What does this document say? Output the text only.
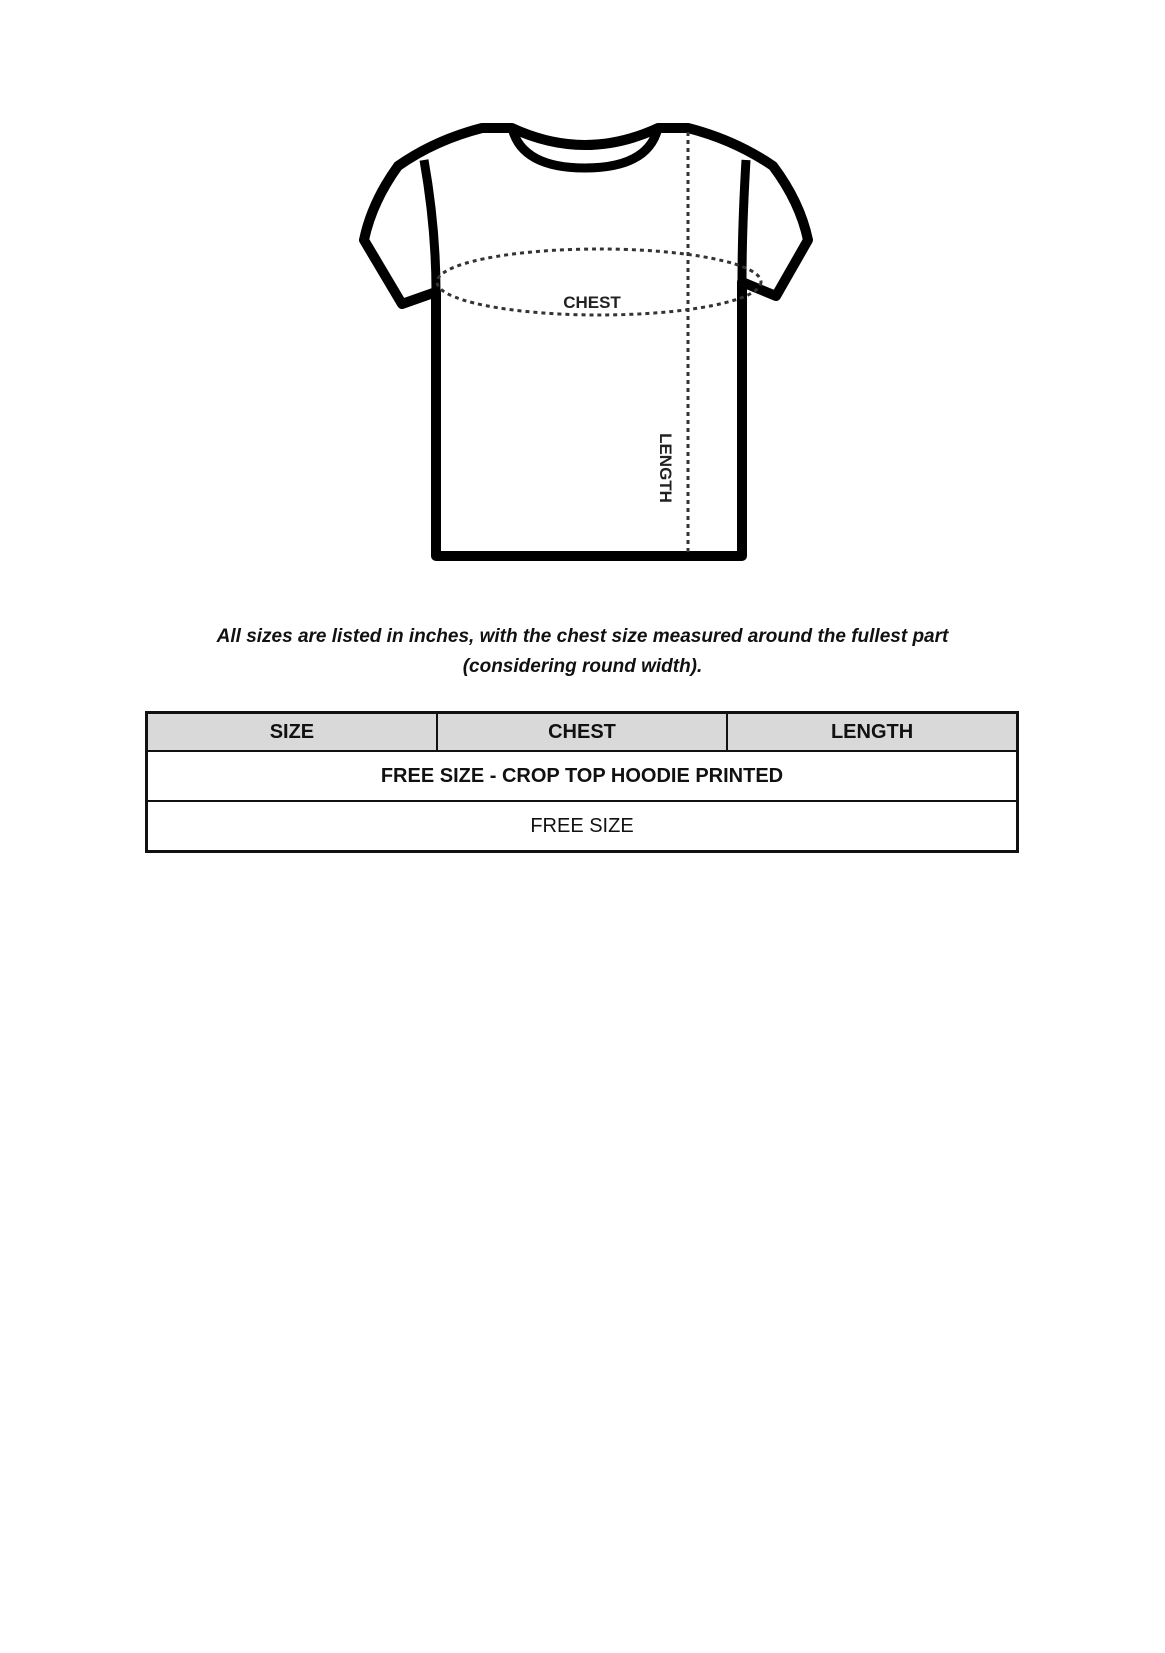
CHEST
LENGTH
All sizes are listed in inches, with the chest size measured around the fullest part
(considering round width).
SIZE	CHEST	LENGTH
FREE SIZE - CROP TOP HOODIE PRINTED
FREE SIZE
